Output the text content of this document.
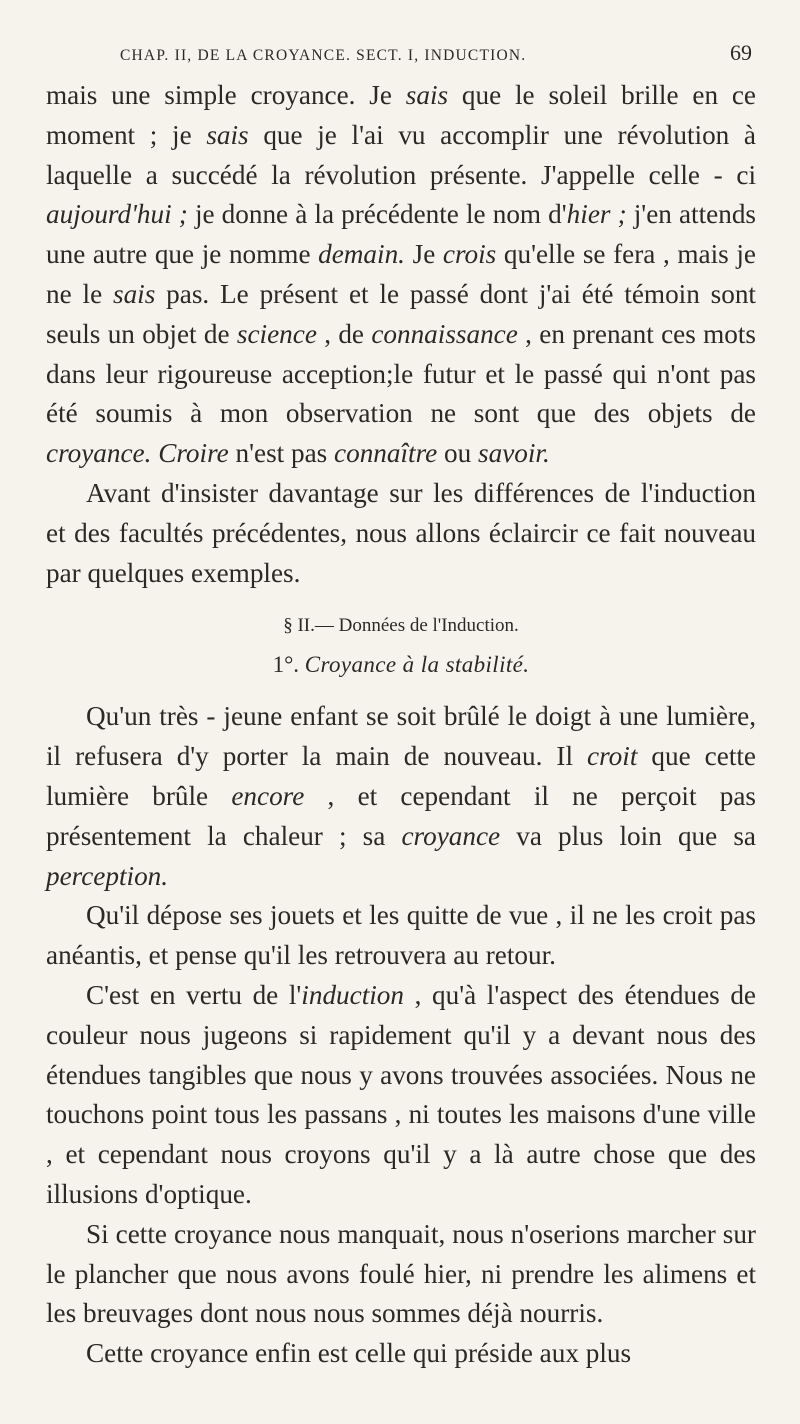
CHAP. II, DE LA CROYANCE. SECT. I, INDUCTION.	69

mais une simple croyance. Je sais que le soleil brille en ce moment ; je sais que je l'ai vu accomplir une révolution à laquelle a succédé la révolution présente. J'appelle celle - ci aujourd'hui ; je donne à la précédente le nom d'hier ; j'en attends une autre que je nomme demain. Je crois qu'elle se fera , mais je ne le sais pas. Le présent et le passé dont j'ai été témoin sont seuls un objet de science , de connaissance , en prenant ces mots dans leur rigoureuse acception;le futur et le passé qui n'ont pas été soumis à mon observation ne sont que des objets de croyance. Croire n'est pas connaître ou savoir.

Avant d'insister davantage sur les différences de l'induction et des facultés précédentes, nous allons éclaircir ce fait nouveau par quelques exemples.

§ II.— Données de l'Induction.
1°. Croyance à la stabilité.

Qu'un très - jeune enfant se soit brûlé le doigt à une lumière, il refusera d'y porter la main de nouveau. Il croit que cette lumière brûle encore , et cependant il ne perçoit pas présentement la chaleur ; sa croyance va plus loin que sa perception.

Qu'il dépose ses jouets et les quitte de vue , il ne les croit pas anéantis, et pense qu'il les retrouvera au retour.

C'est en vertu de l'induction , qu'à l'aspect des étendues de couleur nous jugeons si rapidement qu'il y a devant nous des étendues tangibles que nous y avons trouvées associées. Nous ne touchons point tous les passans , ni toutes les maisons d'une ville , et cependant nous croyons qu'il y a là autre chose que des illusions d'optique.

Si cette croyance nous manquait, nous n'oserions marcher sur le plancher que nous avons foulé hier, ni prendre les alimens et les breuvages dont nous nous sommes déjà nourris.

Cette croyance enfin est celle qui préside aux plus
